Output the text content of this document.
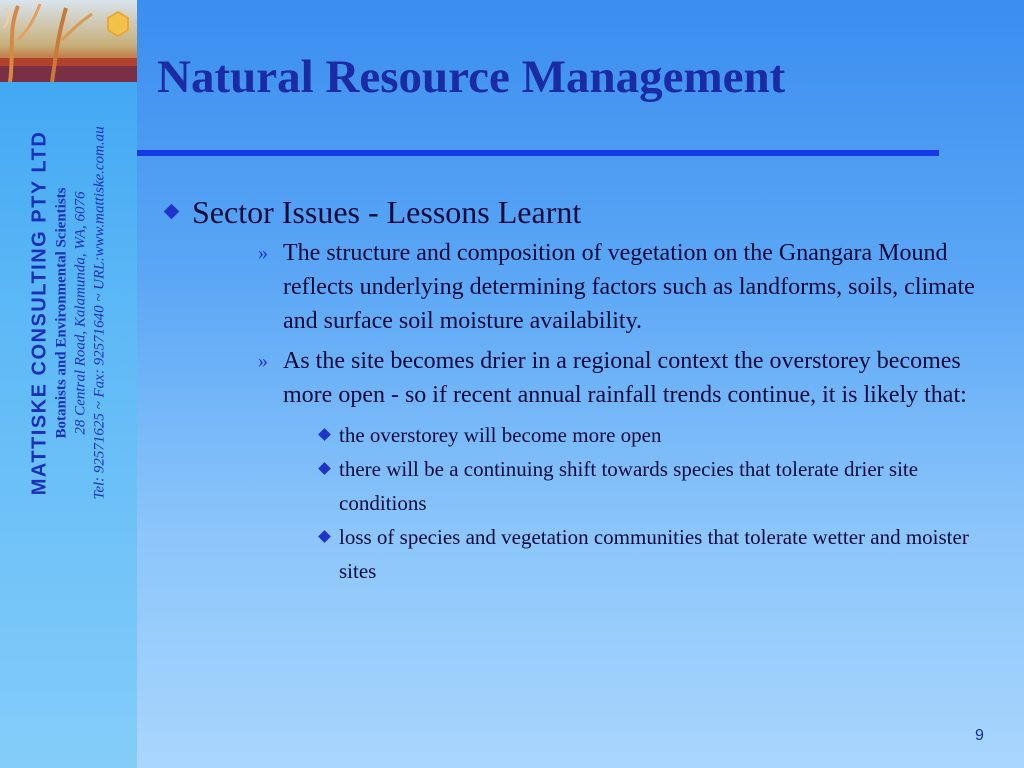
MATTISKE CONSULTING PTY LTD Botanists and Environmental Scientists 28 Central Road, Kalamunda, WA, 6076 Tel: 92571625 ~ Fax: 92571640 ~ URL:www.mattiske.com.au
Natural Resource Management
Sector Issues - Lessons Learnt
» The structure and composition of vegetation on the Gnangara Mound reflects underlying determining factors such as landforms, soils, climate and surface soil moisture availability.
» As the site becomes drier in a regional context the overstorey becomes more open - so if recent annual rainfall trends continue, it is likely that:
the overstorey will become more open
there will be a continuing shift towards species that tolerate drier site conditions
loss of species and vegetation communities that tolerate wetter and moister sites
9
